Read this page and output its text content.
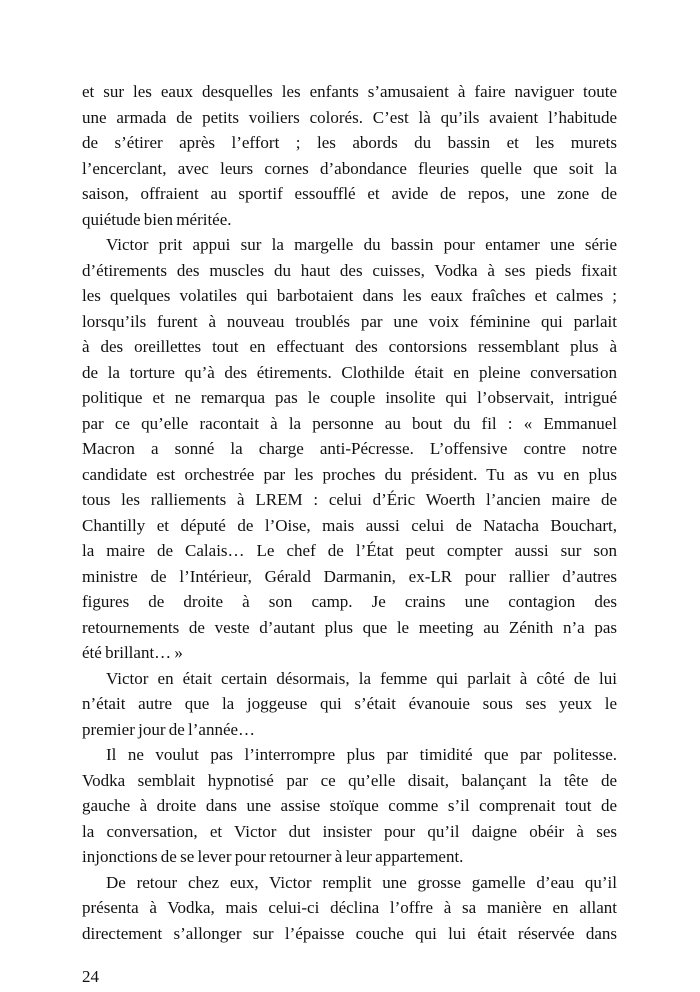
et sur les eaux desquelles les enfants s’amusaient à faire naviguer toute
une armada de petits voiliers colorés. C’est là qu’ils avaient l’habitude
de s’étirer après l’effort ; les abords du bassin et les murets
l’encerclant, avec leurs cornes d’abondance fleuries quelle que soit la
saison, offraient au sportif essoufflé et avide de repos, une zone de
quiétude bien méritée.
Victor prit appui sur la margelle du bassin pour entamer une série
d’étirements des muscles du haut des cuisses, Vodka à ses pieds fixait
les quelques volatiles qui barbotaient dans les eaux fraîches et calmes ;
lorsqu’ils furent à nouveau troublés par une voix féminine qui parlait
à des oreillettes tout en effectuant des contorsions ressemblant plus à
de la torture qu’à des étirements. Clothilde était en pleine conversation
politique et ne remarqua pas le couple insolite qui l’observait, intrigué
par ce qu’elle racontait à la personne au bout du fil : « Emmanuel
Macron a sonné la charge anti-Pécresse. L’offensive contre notre
candidate est orchestrée par les proches du président. Tu as vu en plus
tous les ralliements à LREM : celui d’Éric Woerth l’ancien maire de
Chantilly et député de l’Oise, mais aussi celui de Natacha Bouchart,
la maire de Calais… Le chef de l’État peut compter aussi sur son
ministre de l’Intérieur, Gérald Darmanin, ex-LR pour rallier d’autres
figures de droite à son camp. Je crains une contagion des
retournements de veste d’autant plus que le meeting au Zénith n’a pas
été brillant… »
Victor en était certain désormais, la femme qui parlait à côté de lui
n’était autre que la joggeuse qui s’était évanouie sous ses yeux le
premier jour de l’année…
Il ne voulut pas l’interrompre plus par timidité que par politesse.
Vodka semblait hypnotisé par ce qu’elle disait, balançant la tête de
gauche à droite dans une assise stoïque comme s’il comprenait tout de
la conversation, et Victor dut insister pour qu’il daigne obéir à ses
injonctions de se lever pour retourner à leur appartement.
De retour chez eux, Victor remplit une grosse gamelle d’eau qu’il
présenta à Vodka, mais celui-ci déclina l’offre à sa manière en allant
directement s’allonger sur l’épaisse couche qui lui était réservée dans
24
